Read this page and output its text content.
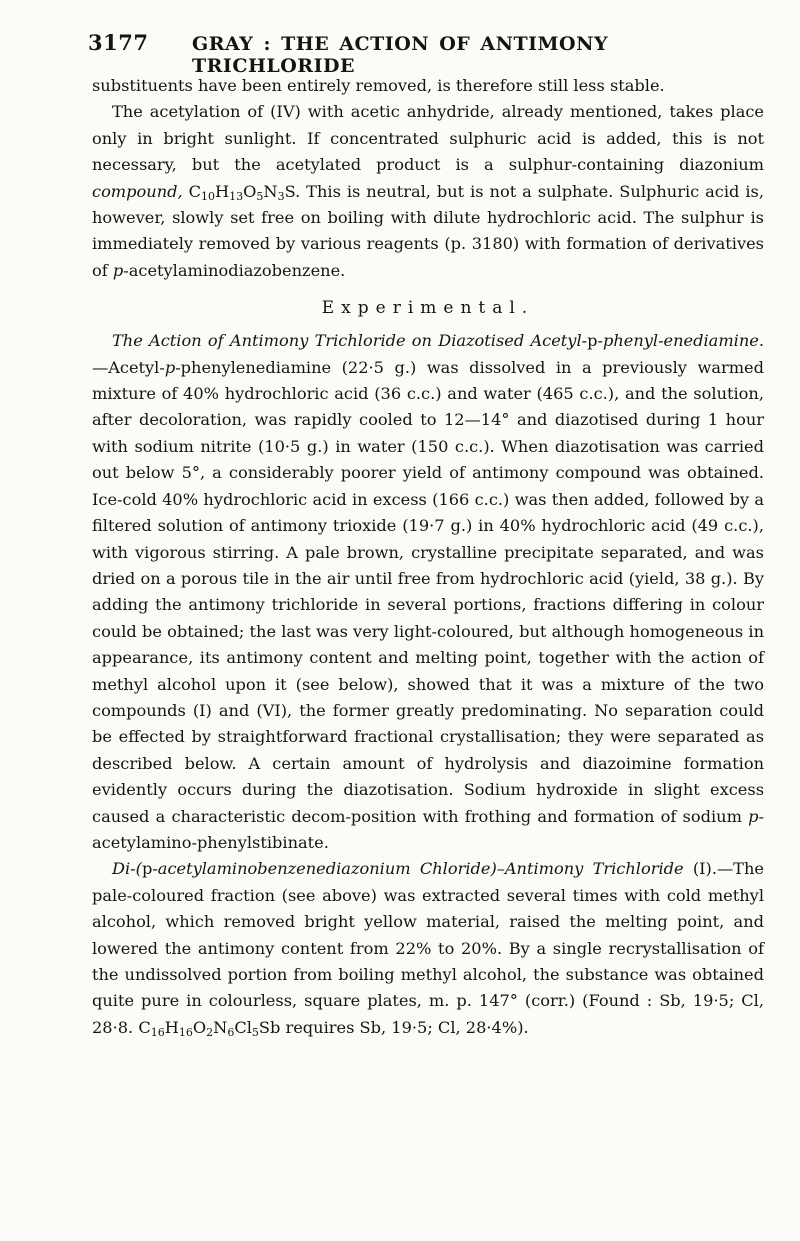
3177 GRAY : THE ACTION OF ANTIMONY TRICHLORIDE

substituents have been entirely removed, is therefore still less stable.

The acetylation of (IV) with acetic anhydride, already mentioned, takes place only in bright sunlight. If concentrated sulphuric acid is added, this is not necessary, but the acetylated product is a sulphur-containing diazonium compound, $C_{10}H_{13}O_5N_3S$. This is neutral, but is not a sulphate. Sulphuric acid is, however, slowly set free on boiling with dilute hydrochloric acid. The sulphur is immediately removed by various reagents (p. 3180) with formation of derivatives of p-acetylaminodiazobenzene.

Experimental.

The Action of Antimony Trichloride on Diazotised Acetyl-p-phenyl-enediamine.—Acetyl-p-phenylenediamine (22·5 g.) was dissolved in a previously warmed mixture of 40% hydrochloric acid (36 c.c.) and water (465 c.c.), and the solution, after decoloration, was rapidly cooled to 12—14° and diazotised during 1 hour with sodium nitrite (10·5 g.) in water (150 c.c.). When diazotisation was carried out below 5°, a considerably poorer yield of antimony compound was obtained. Ice-cold 40% hydrochloric acid in excess (166 c.c.) was then added, followed by a filtered solution of antimony trioxide (19·7 g.) in 40% hydrochloric acid (49 c.c.), with vigorous stirring. A pale brown, crystalline precipitate separated, and was dried on a porous tile in the air until free from hydrochloric acid (yield, 38 g.). By adding the antimony trichloride in several portions, fractions differing in colour could be obtained; the last was very light-coloured, but although homogeneous in appearance, its antimony content and melting point, together with the action of methyl alcohol upon it (see below), showed that it was a mixture of the two compounds (I) and (VI), the former greatly predominating. No separation could be effected by straightforward fractional crystallisation; they were separated as described below. A certain amount of hydrolysis and diazoimine formation evidently occurs during the diazotisation. Sodium hydroxide in slight excess caused a characteristic decom-position with frothing and formation of sodium p-acetylamino-phenylstibinate.

Di-(p-acetylaminobenzenediazonium Chloride)–Antimony Trichloride (I).—The pale-coloured fraction (see above) was extracted several times with cold methyl alcohol, which removed bright yellow material, raised the melting point, and lowered the antimony content from 22% to 20%. By a single recrystallisation of the undissolved portion from boiling methyl alcohol, the substance was obtained quite pure in colourless, square plates, m. p. 147° (corr.) (Found : Sb, 19·5; Cl, 28·8. $C_{16}H_{16}O_2N_6Cl_5Sb$ requires Sb, 19·5; Cl, 28·4%).
